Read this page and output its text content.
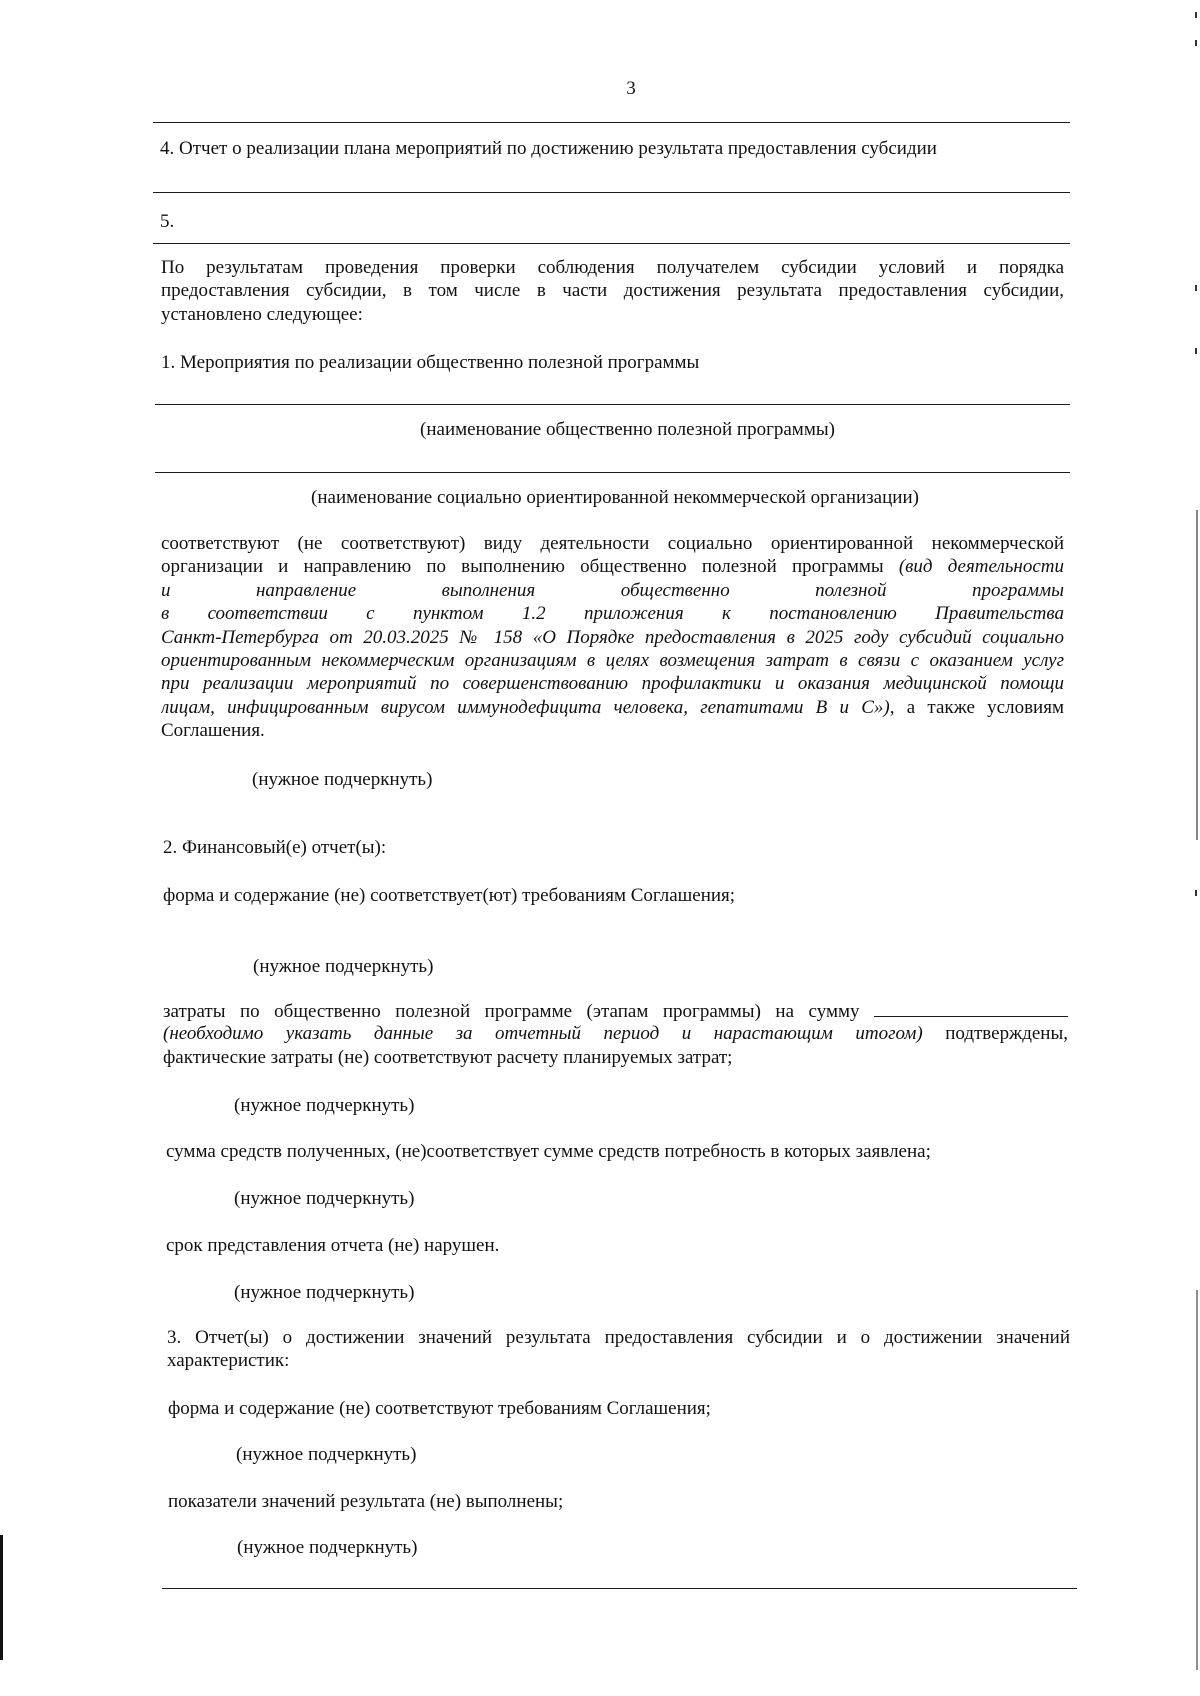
3
4. Отчет о реализации плана мероприятий по достижению результата предоставления субсидии
5.
По результатам проведения проверки соблюдения получателем субсидии условий и порядка
предоставления субсидии, в том числе в части достижения результата предоставления субсидии,
установлено следующее:
1. Мероприятия по реализации общественно полезной программы
(наименование общественно полезной программы)
(наименование социально ориентированной некоммерческой организации)
соответствуют (не соответствуют) виду деятельности социально ориентированной некоммерческой
организации и направлению по выполнению общественно полезной программы (вид деятельности
и направление выполнения общественно полезной программы
в соответствии с пунктом 1.2 приложения к постановлению Правительства
Санкт-Петербурга от 20.03.2025 № 158 «О Порядке предоставления в 2025 году субсидий социально
ориентированным некоммерческим организациям в целях возмещения затрат в связи с оказанием услуг
при реализации мероприятий по совершенствованию профилактики и оказания медицинской помощи
лицам, инфицированным вирусом иммунодефицита человека, гепатитами В и С»), а также условиям
Соглашения.
(нужное подчеркнуть)
2. Финансовый(е) отчет(ы):
форма и содержание (не) соответствует(ют) требованиям Соглашения;
(нужное подчеркнуть)
затраты по общественно полезной программе (этапам программы) на сумму
(необходимо указать данные за отчетный период и нарастающим итогом) подтверждены,
фактические затраты (не) соответствуют расчету планируемых затрат;
(нужное подчеркнуть)
сумма средств полученных, (не)соответствует сумме средств потребность в которых заявлена;
(нужное подчеркнуть)
срок представления отчета (не) нарушен.
(нужное подчеркнуть)
3. Отчет(ы) о достижении значений результата предоставления субсидии и о достижении значений
характеристик:
форма и содержание (не) соответствуют требованиям Соглашения;
(нужное подчеркнуть)
показатели значений результата (не) выполнены;
(нужное подчеркнуть)
